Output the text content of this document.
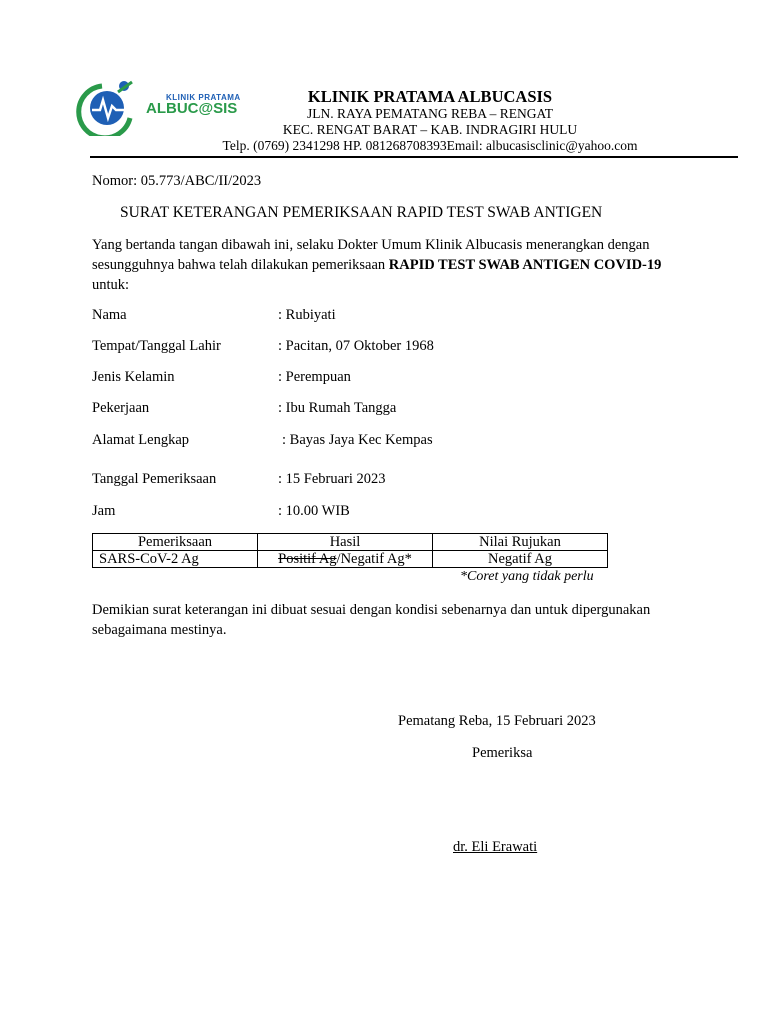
KLINIK PRATAMA
ALBUC@SIS
KLINIK PRATAMA ALBUCASIS
JLN. RAYA PEMATANG REBA – RENGAT
KEC. RENGAT BARAT – KAB. INDRAGIRI HULU
Telp. (0769) 2341298 HP. 081268708393Email: albucasisclinic@yahoo.com
Nomor: 05.773/ABC/II/2023
SURAT KETERANGAN PEMERIKSAAN RAPID TEST SWAB ANTIGEN
Yang bertanda tangan dibawah ini, selaku Dokter Umum Klinik Albucasis menerangkan dengan sesungguhnya bahwa telah dilakukan pemeriksaan RAPID TEST SWAB ANTIGEN COVID-19 untuk:
Nama	: Rubiyati
Tempat/Tanggal Lahir	: Pacitan, 07 Oktober 1968
Jenis Kelamin	: Perempuan
Pekerjaan	: Ibu Rumah Tangga
Alamat Lengkap	: Bayas Jaya Kec Kempas
Tanggal Pemeriksaan	: 15 Februari 2023
Jam	: 10.00 WIB
Pemeriksaan	Hasil	Nilai Rujukan
SARS-CoV-2 Ag	Positif Ag/Negatif Ag*	Negatif Ag
*Coret yang tidak perlu
Demikian surat keterangan ini dibuat sesuai dengan kondisi sebenarnya dan untuk dipergunakan sebagaimana mestinya.
Pematang Reba, 15 Februari 2023
Pemeriksa
dr. Eli Erawati
